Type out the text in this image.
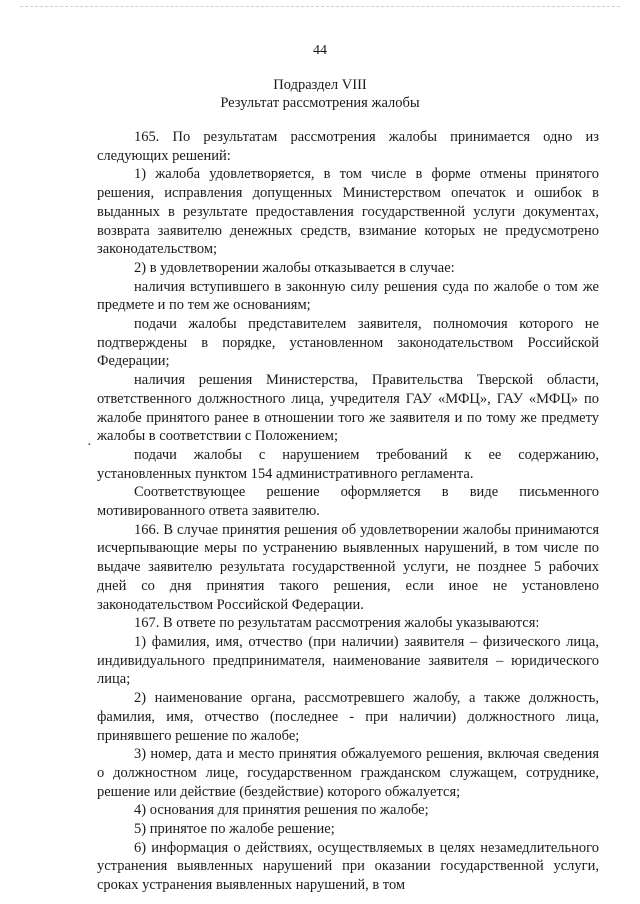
44
Подраздел VIII
Результат рассмотрения жалобы
·

165. По результатам рассмотрения жалобы принимается одно из следующих решений:

1) жалоба удовлетворяется, в том числе в форме отмены принятого решения, исправления допущенных Министерством опечаток и ошибок в выданных в результате предоставления государственной услуги документах, возврата заявителю денежных средств, взимание которых не предусмотрено законодательством;

2) в удовлетворении жалобы отказывается в случае:

наличия вступившего в законную силу решения суда по жалобе о том же предмете и по тем же основаниям;

подачи жалобы представителем заявителя, полномочия которого не подтверждены в порядке, установленном законодательством Российской Федерации;

наличия решения Министерства, Правительства Тверской области, ответственного должностного лица, учредителя ГАУ «МФЦ», ГАУ «МФЦ» по жалобе принятого ранее в отношении того же заявителя и по тому же предмету жалобы в соответствии с Положением;

подачи жалобы с нарушением требований к ее содержанию, установленных пунктом 154 административного регламента.

Соответствующее решение оформляется в виде письменного мотивированного ответа заявителю.

166. В случае принятия решения об удовлетворении жалобы принимаются исчерпывающие меры по устранению выявленных нарушений, в том числе по выдаче заявителю результата государственной услуги, не позднее 5 рабочих дней со дня принятия такого решения, если иное не установлено законодательством Российской Федерации.

167. В ответе по результатам рассмотрения жалобы указываются:

1) фамилия, имя, отчество (при наличии) заявителя – физического лица, индивидуального предпринимателя, наименование заявителя – юридического лица;

2) наименование органа, рассмотревшего жалобу, а также должность, фамилия, имя, отчество (последнее - при наличии) должностного лица, принявшего решение по жалобе;

3) номер, дата и место принятия обжалуемого решения, включая сведения о должностном лице, государственном гражданском служащем, сотруднике, решение или действие (бездействие) которого обжалуется;

4) основания для принятия решения по жалобе;

5) принятое по жалобе решение;

6) информация о действиях, осуществляемых в целях незамедлительного устранения выявленных нарушений при оказании государственной услуги, сроках устранения выявленных нарушений, в том
